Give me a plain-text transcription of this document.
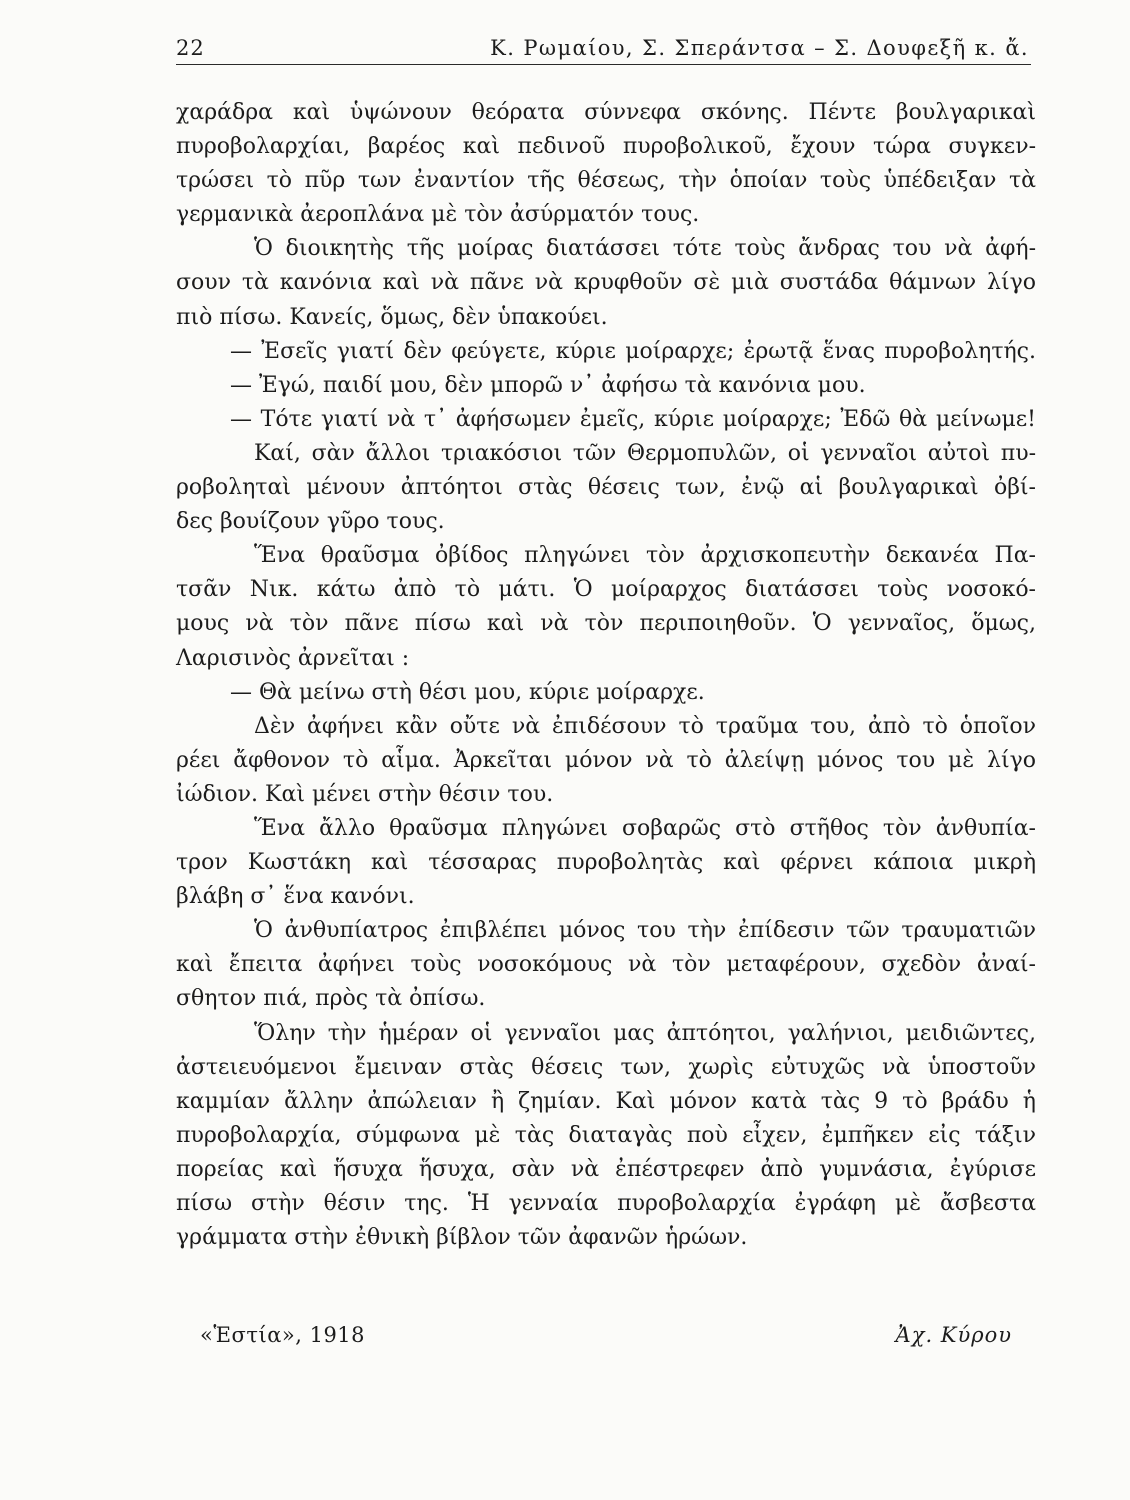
22	Κ. Ρωμαίου, Σ. Σπεράντσα – Σ. Δουφεξῆ κ. ἄ.
χαράδρα καὶ ὑψώνουν θεόρατα σύννεφα σκόνης. Πέντε βουλγαρικαὶ
πυροβολαρχίαι, βαρέος καὶ πεδινοῦ πυροβολικοῦ, ἔχουν τώρα συγκεν-
τρώσει τὸ πῦρ των ἐναντίον τῆς θέσεως, τὴν ὁποίαν τοὺς ὑπέδειξαν τὰ
γερμανικὰ ἀεροπλάνα μὲ τὸν ἀσύρματόν τους.
Ὁ διοικητὴς τῆς μοίρας διατάσσει τότε τοὺς ἄνδρας του νὰ ἀφή-
σουν τὰ κανόνια καὶ νὰ πᾶνε νὰ κρυφθοῦν σὲ μιὰ συστάδα θάμνων λίγο
πιὸ πίσω. Κανείς, ὅμως, δὲν ὑπακούει.
— Ἐσεῖς γιατί δὲν φεύγετε, κύριε μοίραρχε; ἐρωτᾷ ἕνας πυροβολητής.
— Ἐγώ, παιδί μου, δὲν μπορῶ ν᾽ ἀφήσω τὰ κανόνια μου.
— Τότε γιατί νὰ τ᾽ ἀφήσωμεν ἐμεῖς, κύριε μοίραρχε; Ἐδῶ θὰ μείνωμε!
Καί, σὰν ἄλλοι τριακόσιοι τῶν Θερμοπυλῶν, οἱ γενναῖοι αὐτοὶ πυ-
ροβοληταὶ μένουν ἀπτόητοι στὰς θέσεις των, ἐνῷ αἱ βουλγαρικαὶ ὀβί-
δες βουίζουν γῦρο τους.
Ἕνα θραῦσμα ὀβίδος πληγώνει τὸν ἀρχισκοπευτὴν δεκανέα Πα-
τσᾶν Νικ. κάτω ἀπὸ τὸ μάτι. Ὁ μοίραρχος διατάσσει τοὺς νοσοκό-
μους νὰ τὸν πᾶνε πίσω καὶ νὰ τὸν περιποιηθοῦν. Ὁ γενναῖος, ὅμως,
Λαρισινὸς ἀρνεῖται :
— Θὰ μείνω στὴ θέσι μου, κύριε μοίραρχε.
Δὲν ἀφήνει κἂν οὔτε νὰ ἐπιδέσουν τὸ τραῦμα του, ἀπὸ τὸ ὁποῖον
ρέει ἄφθονον τὸ αἷμα. Ἀρκεῖται μόνον νὰ τὸ ἀλείψῃ μόνος του μὲ λίγο
ἰώδιον. Καὶ μένει στὴν θέσιν του.
Ἕνα ἄλλο θραῦσμα πληγώνει σοβαρῶς στὸ στῆθος τὸν ἀνθυπία-
τρον Κωστάκη καὶ τέσσαρας πυροβολητὰς καὶ φέρνει κάποια μικρὴ
βλάβη σ᾽ ἕνα κανόνι.
Ὁ ἀνθυπίατρος ἐπιβλέπει μόνος του τὴν ἐπίδεσιν τῶν τραυματιῶν
καὶ ἔπειτα ἀφήνει τοὺς νοσοκόμους νὰ τὸν μεταφέρουν, σχεδὸν ἀναί-
σθητον πιά, πρὸς τὰ ὀπίσω.
Ὅλην τὴν ἡμέραν οἱ γενναῖοι μας ἀπτόητοι, γαλήνιοι, μειδιῶντες,
ἀστειευόμενοι ἔμειναν στὰς θέσεις των, χωρὶς εὐτυχῶς νὰ ὑποστοῦν
καμμίαν ἄλλην ἀπώλειαν ἢ ζημίαν. Καὶ μόνον κατὰ τὰς 9 τὸ βράδυ ἡ
πυροβολαρχία, σύμφωνα μὲ τὰς διαταγὰς ποὺ εἶχεν, ἐμπῆκεν εἰς τάξιν
πορείας καὶ ἥσυχα ἥσυχα, σὰν νὰ ἐπέστρεφεν ἀπὸ γυμνάσια, ἐγύρισε
πίσω στὴν θέσιν της. Ἡ γενναία πυροβολαρχία ἐγράφη μὲ ἄσβεστα
γράμματα στὴν ἐθνικὴ βίβλον τῶν ἀφανῶν ἡρώων.
«Ἑστία», 1918	Ἀχ. Κύρου
